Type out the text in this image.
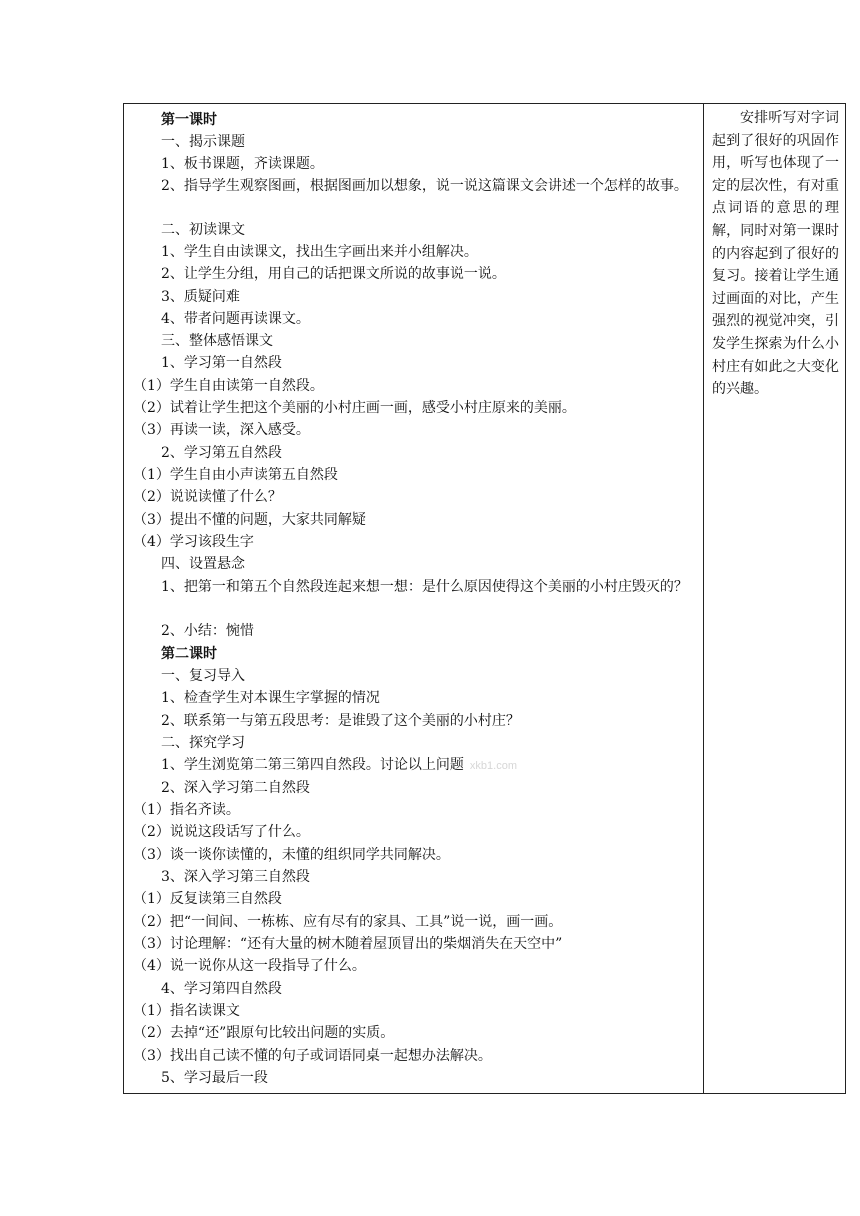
第一课时
一、揭示课题
1、板书课题，齐读课题。
2、指导学生观察图画，根据图画加以想象，说一说这篇课文会讲述一个怎样的故事。
二、初读课文
1、学生自由读课文，找出生字画出来并小组解决。
2、让学生分组，用自己的话把课文所说的故事说一说。
3、质疑问难
4、带者问题再读课文。
三、整体感悟课文
1、学习第一自然段
（1）学生自由读第一自然段。
（2）试着让学生把这个美丽的小村庄画一画，感受小村庄原来的美丽。
（3）再读一读，深入感受。
2、学习第五自然段
（1）学生自由小声读第五自然段
（2）说说读懂了什么？
（3）提出不懂的问题，大家共同解疑
（4）学习该段生字
四、设置悬念
1、把第一和第五个自然段连起来想一想：是什么原因使得这个美丽的小村庄毁灭的？
2、小结：惋惜
第二课时
一、复习导入
1、检查学生对本课生字掌握的情况
2、联系第一与第五段思考：是谁毁了这个美丽的小村庄？
二、探究学习
1、学生浏览第二第三第四自然段。讨论以上问题 xkb1.com
2、深入学习第二自然段
（1）指名齐读。
（2）说说这段话写了什么。
（3）谈一谈你读懂的，未懂的组织同学共同解决。
3、深入学习第三自然段
（1）反复读第三自然段
（2）把“一间间、一栋栋、应有尽有的家具、工具”说一说，画一画。
（3）讨论理解：“还有大量的树木随着屋顶冒出的柴烟消失在天空中”
（4）说一说你从这一段指导了什么。
4、学习第四自然段
（1）指名读课文
（2）去掉“还”跟原句比较出问题的实质。
（3）找出自己读不懂的句子或词语同桌一起想办法解决。
5、学习最后一段
安排听写对字词起到了很好的巩固作用，听写也体现了一定的层次性，有对重点词语的意思的理解，同时对第一课时的内容起到了很好的复习。接着让学生通过画面的对比，产生强烈的视觉冲突，引发学生探索为什么小村庄有如此之大变化的兴趣。
